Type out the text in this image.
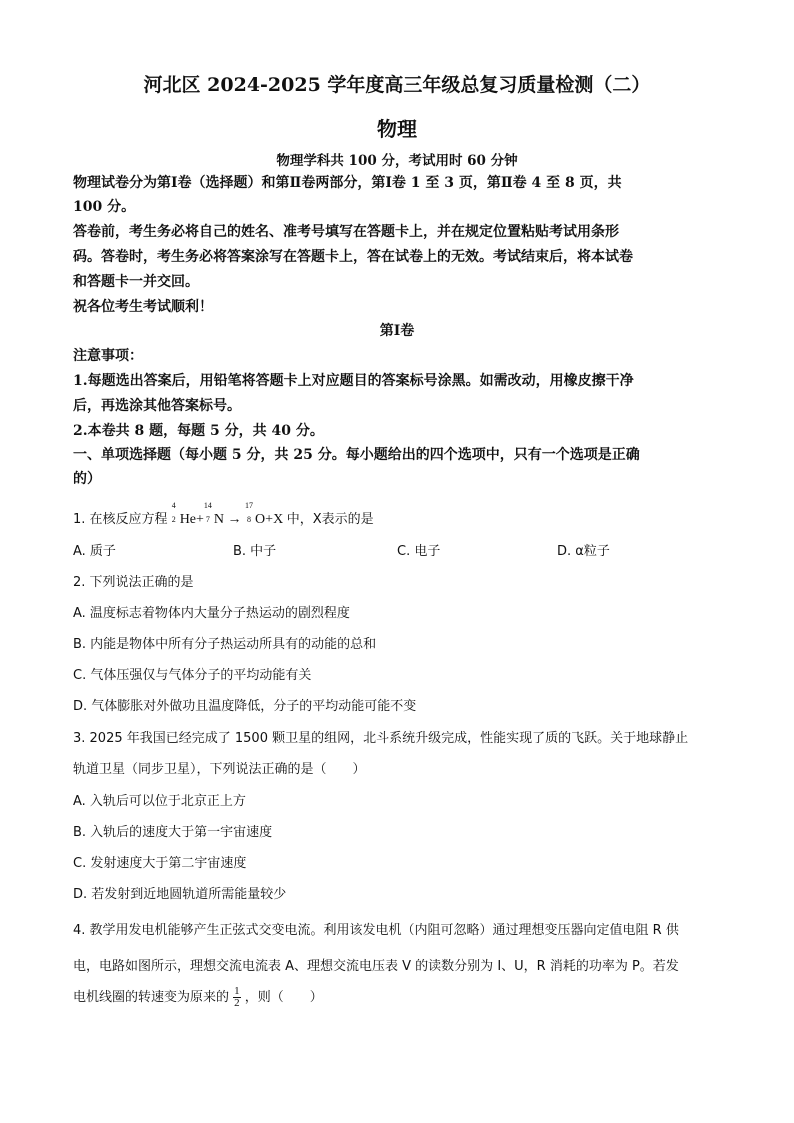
河北区 2024-2025 学年度高三年级总复习质量检测（二）
物理
物理学科共 100 分，考试用时 60 分钟
物理试卷分为第Ⅰ卷（选择题）和第Ⅱ卷两部分，第Ⅰ卷 1 至 3 页，第Ⅱ卷 4 至 8 页，共
100 分。
答卷前，考生务必将自己的姓名、准考号填写在答题卡上，并在规定位置粘贴考试用条形
码。答卷时，考生务必将答案涂写在答题卡上，答在试卷上的无效。考试结束后，将本试卷
和答题卡一并交回。
祝各位考生考试顺利！
第Ⅰ卷
注意事项：
1.每题选出答案后，用铅笔将答题卡上对应题目的答案标号涂黑。如需改动，用橡皮擦干净
后，再选涂其他答案标号。
2.本卷共 8 题，每题 5 分，共 40 分。
一、单项选择题（每小题 5 分，共 25 分。每小题给出的四个选项中，只有一个选项是正确
的）
1. 在核反应方程
4
2 He+
14
7 N →
17
8 O+X 中，X表示的是
A. 质子	B. 中子	C. 电子	D. α粒子
2. 下列说法正确的是
A. 温度标志着物体内大量分子热运动的剧烈程度
B. 内能是物体中所有分子热运动所具有的动能的总和
C. 气体压强仅与气体分子的平均动能有关
D. 气体膨胀对外做功且温度降低，分子的平均动能可能不变
3. 2025 年我国已经完成了 1500 颗卫星的组网，北斗系统升级完成，性能实现了质的飞跃。关于地球静止
轨道卫星（同步卫星），下列说法正确的是（　　）
A. 入轨后可以位于北京正上方
B. 入轨后的速度大于第一宇宙速度
C. 发射速度大于第二宇宙速度
D. 若发射到近地圆轨道所需能量较少
4. 教学用发电机能够产生正弦式交变电流。利用该发电机（内阻可忽略）通过理想变压器向定值电阻 R 供
电，电路如图所示，理想交流电流表 A、理想交流电压表 V 的读数分别为 I、U，R 消耗的功率为 P。若发
电机线圈的转速变为原来的 $\frac{1}{2}$ ，则（　　）
